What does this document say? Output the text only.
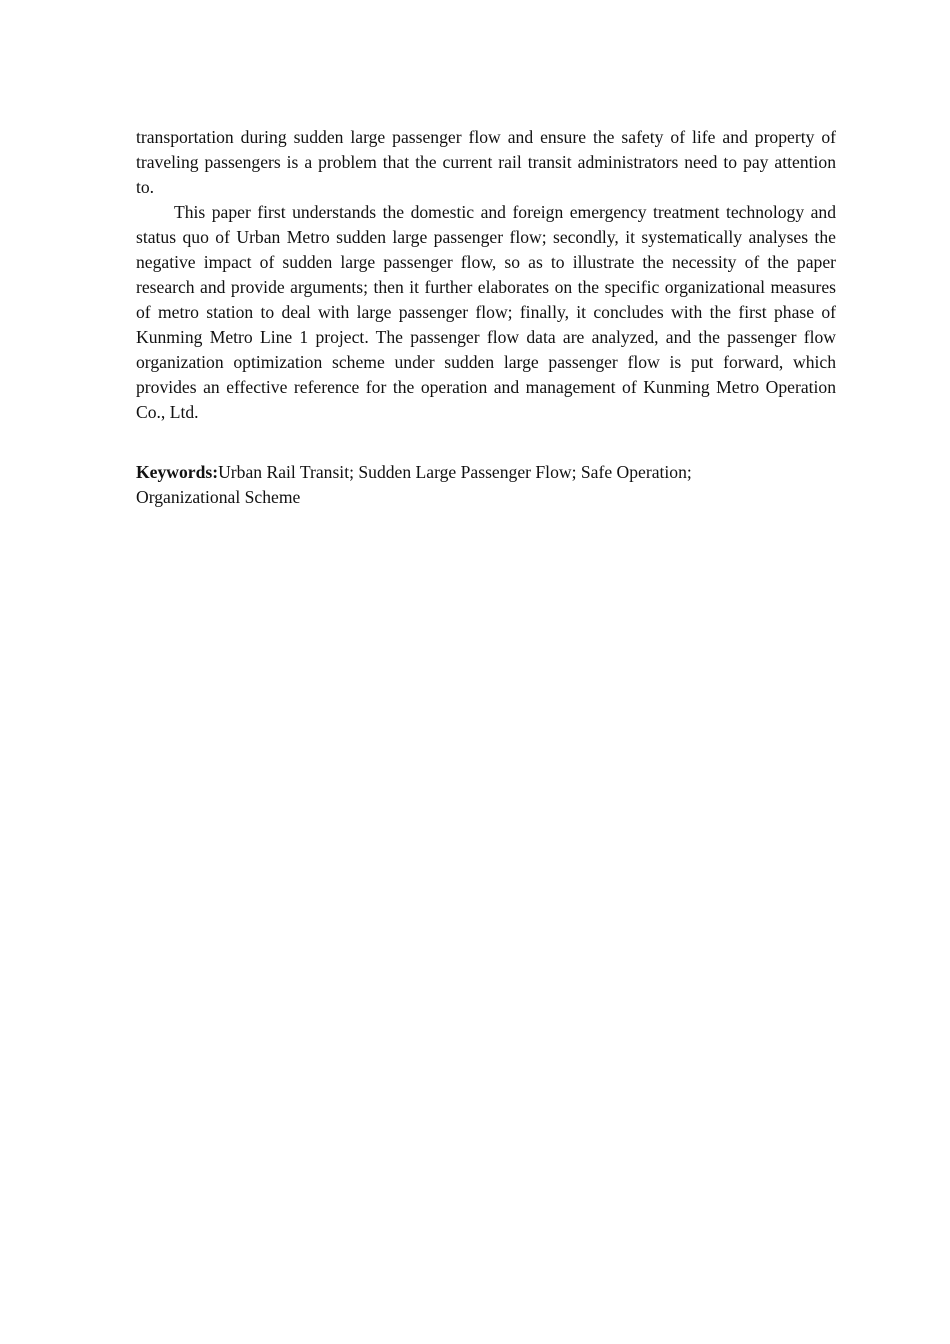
transportation during sudden large passenger flow and ensure the safety of life and property of traveling passengers is a problem that the current rail transit administrators need to pay attention to.

This paper first understands the domestic and foreign emergency treatment technology and status quo of Urban Metro sudden large passenger flow; secondly, it systematically analyses the negative impact of sudden large passenger flow, so as to illustrate the necessity of the paper research and provide arguments; then it further elaborates on the specific organizational measures of metro station to deal with large passenger flow; finally, it concludes with the first phase of Kunming Metro Line 1 project. The passenger flow data are analyzed, and the passenger flow organization optimization scheme under sudden large passenger flow is put forward, which provides an effective reference for the operation and management of Kunming Metro Operation Co., Ltd.

Keywords:Urban Rail Transit; Sudden Large Passenger Flow; Safe Operation; Organizational Scheme
